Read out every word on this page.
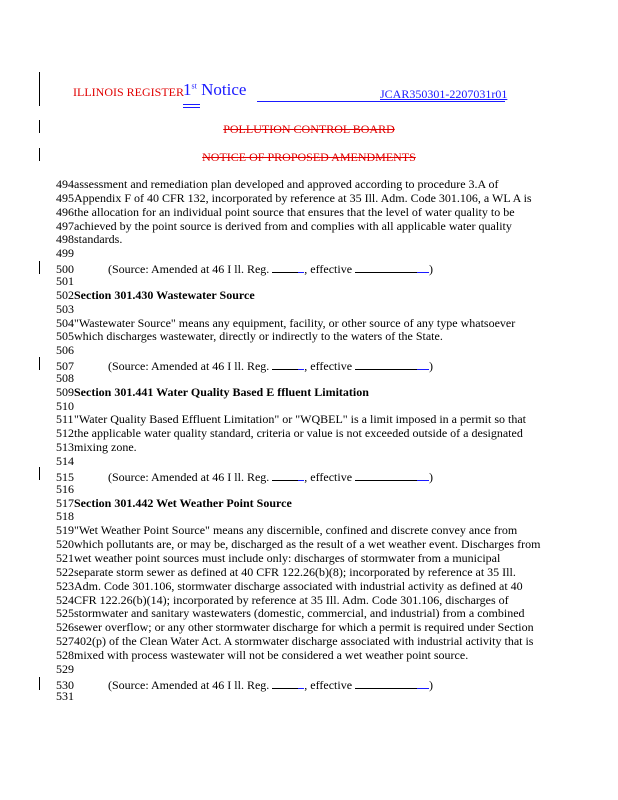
ILLINOIS REGISTER 1st Notice	JCAR350301-2207031r01
POLLUTION CONTROL BOARD
NOTICE OF PROPOSED AMENDMENTS
494assessment and remediation plan developed and approved according to procedure 3.A of
495Appendix F of 40 CFR 132, incorporated by reference at 35 Ill. Adm. Code 301.106, a WL A is
496the allocation for an individual point source that ensures that the level of water quality to be
497achieved by the point source is derived from and complies with all applicable water quality
498standards.
499
500	(Source: Amended at 46 I ll. Reg.	, effective	)
501
502Section 301.430 Wastewater Source
503
504"Wastewater Source" means any equipment, facility, or other source of any type whatsoever
505which discharges wastewater, directly or indirectly to the waters of the State.
506
507	(Source: Amended at 46 I ll. Reg.	, effective	)
508
509Section 301.441 Water Quality Based E ffluent Limitation
510
511"Water Quality Based Effluent Limitation" or "WQBEL" is a limit imposed in a permit so that
512the applicable water quality standard, criteria or value is not exceeded outside of a designated
513mixing zone.
514
515	(Source: Amended at 46 I ll. Reg.	, effective	)
516
517Section 301.442 Wet Weather Point Source
518
519"Wet Weather Point Source" means any discernible, confined and discrete convey ance from
520which pollutants are, or may be, discharged as the result of a wet weather event. Discharges from
521wet weather point sources must include only: discharges of stormwater from a municipal
522separate storm sewer as defined at 40 CFR 122.26(b)(8); incorporated by reference at 35 Ill.
523Adm. Code 301.106, stormwater discharge associated with industrial activity as defined at 40
524CFR 122.26(b)(14); incorporated by reference at 35 Ill. Adm. Code 301.106, discharges of
525stormwater and sanitary wastewaters (domestic, commercial, and industrial) from a combined
526sewer overflow; or any other stormwater discharge for which a permit is required under Section
527402(p) of the Clean Water Act. A stormwater discharge associated with industrial activity that is
528mixed with process wastewater will not be considered a wet weather point source.
529
530	(Source: Amended at 46 I ll. Reg.	, effective	)
531
